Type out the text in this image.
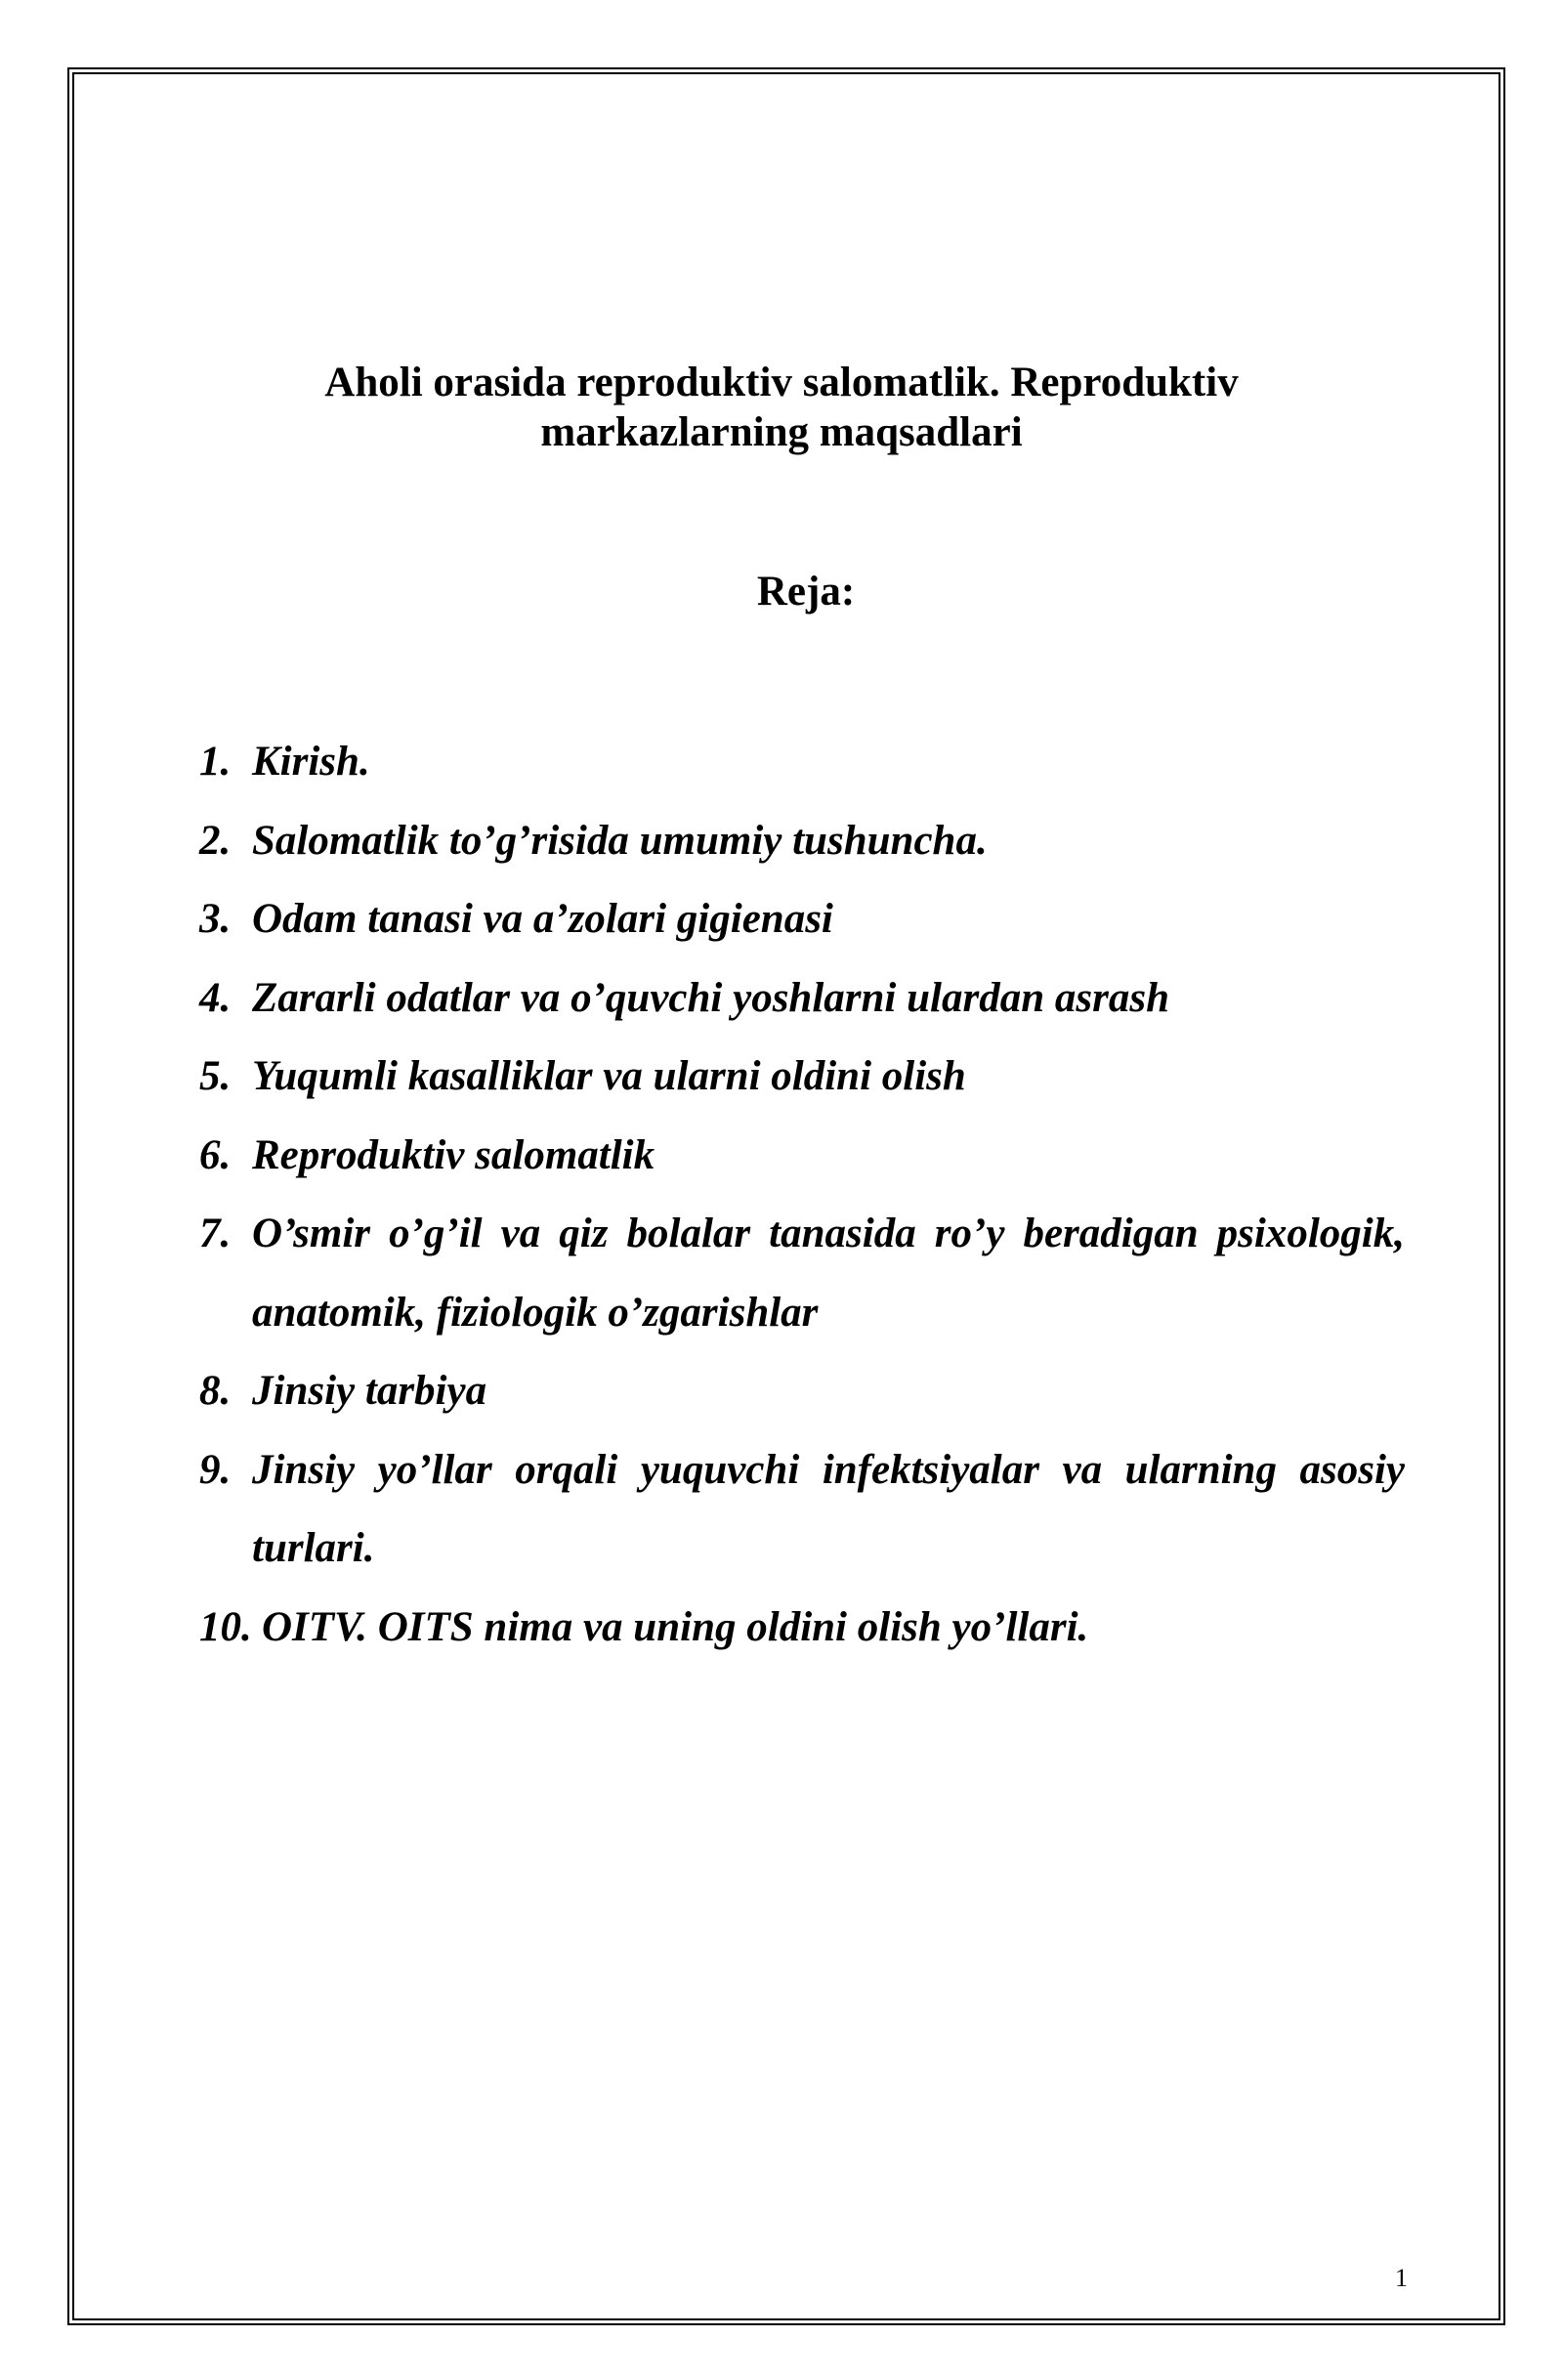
Aholi orasida reproduktiv salomatlik. Reproduktiv
markazlarning maqsadlari
Reja:
1. Kirish.
2. Salomatlik to’g’risida umumiy tushuncha.
3. Odam tanasi va a’zolari gigienasi
4. Zararli odatlar va o’quvchi yoshlarni ulardan asrash
5. Yuqumli kasalliklar va ularni oldini olish
6. Reproduktiv salomatlik
7. O’smir o’g’il va qiz bolalar tanasida ro’y beradigan psixologik, anatomik, fiziologik o’zgarishlar
8. Jinsiy tarbiya
9. Jinsiy yo’llar orqali yuquvchi infektsiyalar va ularning asosiy turlari.
10. OITV. OITS nima va uning oldini olish yo’llari.
1
